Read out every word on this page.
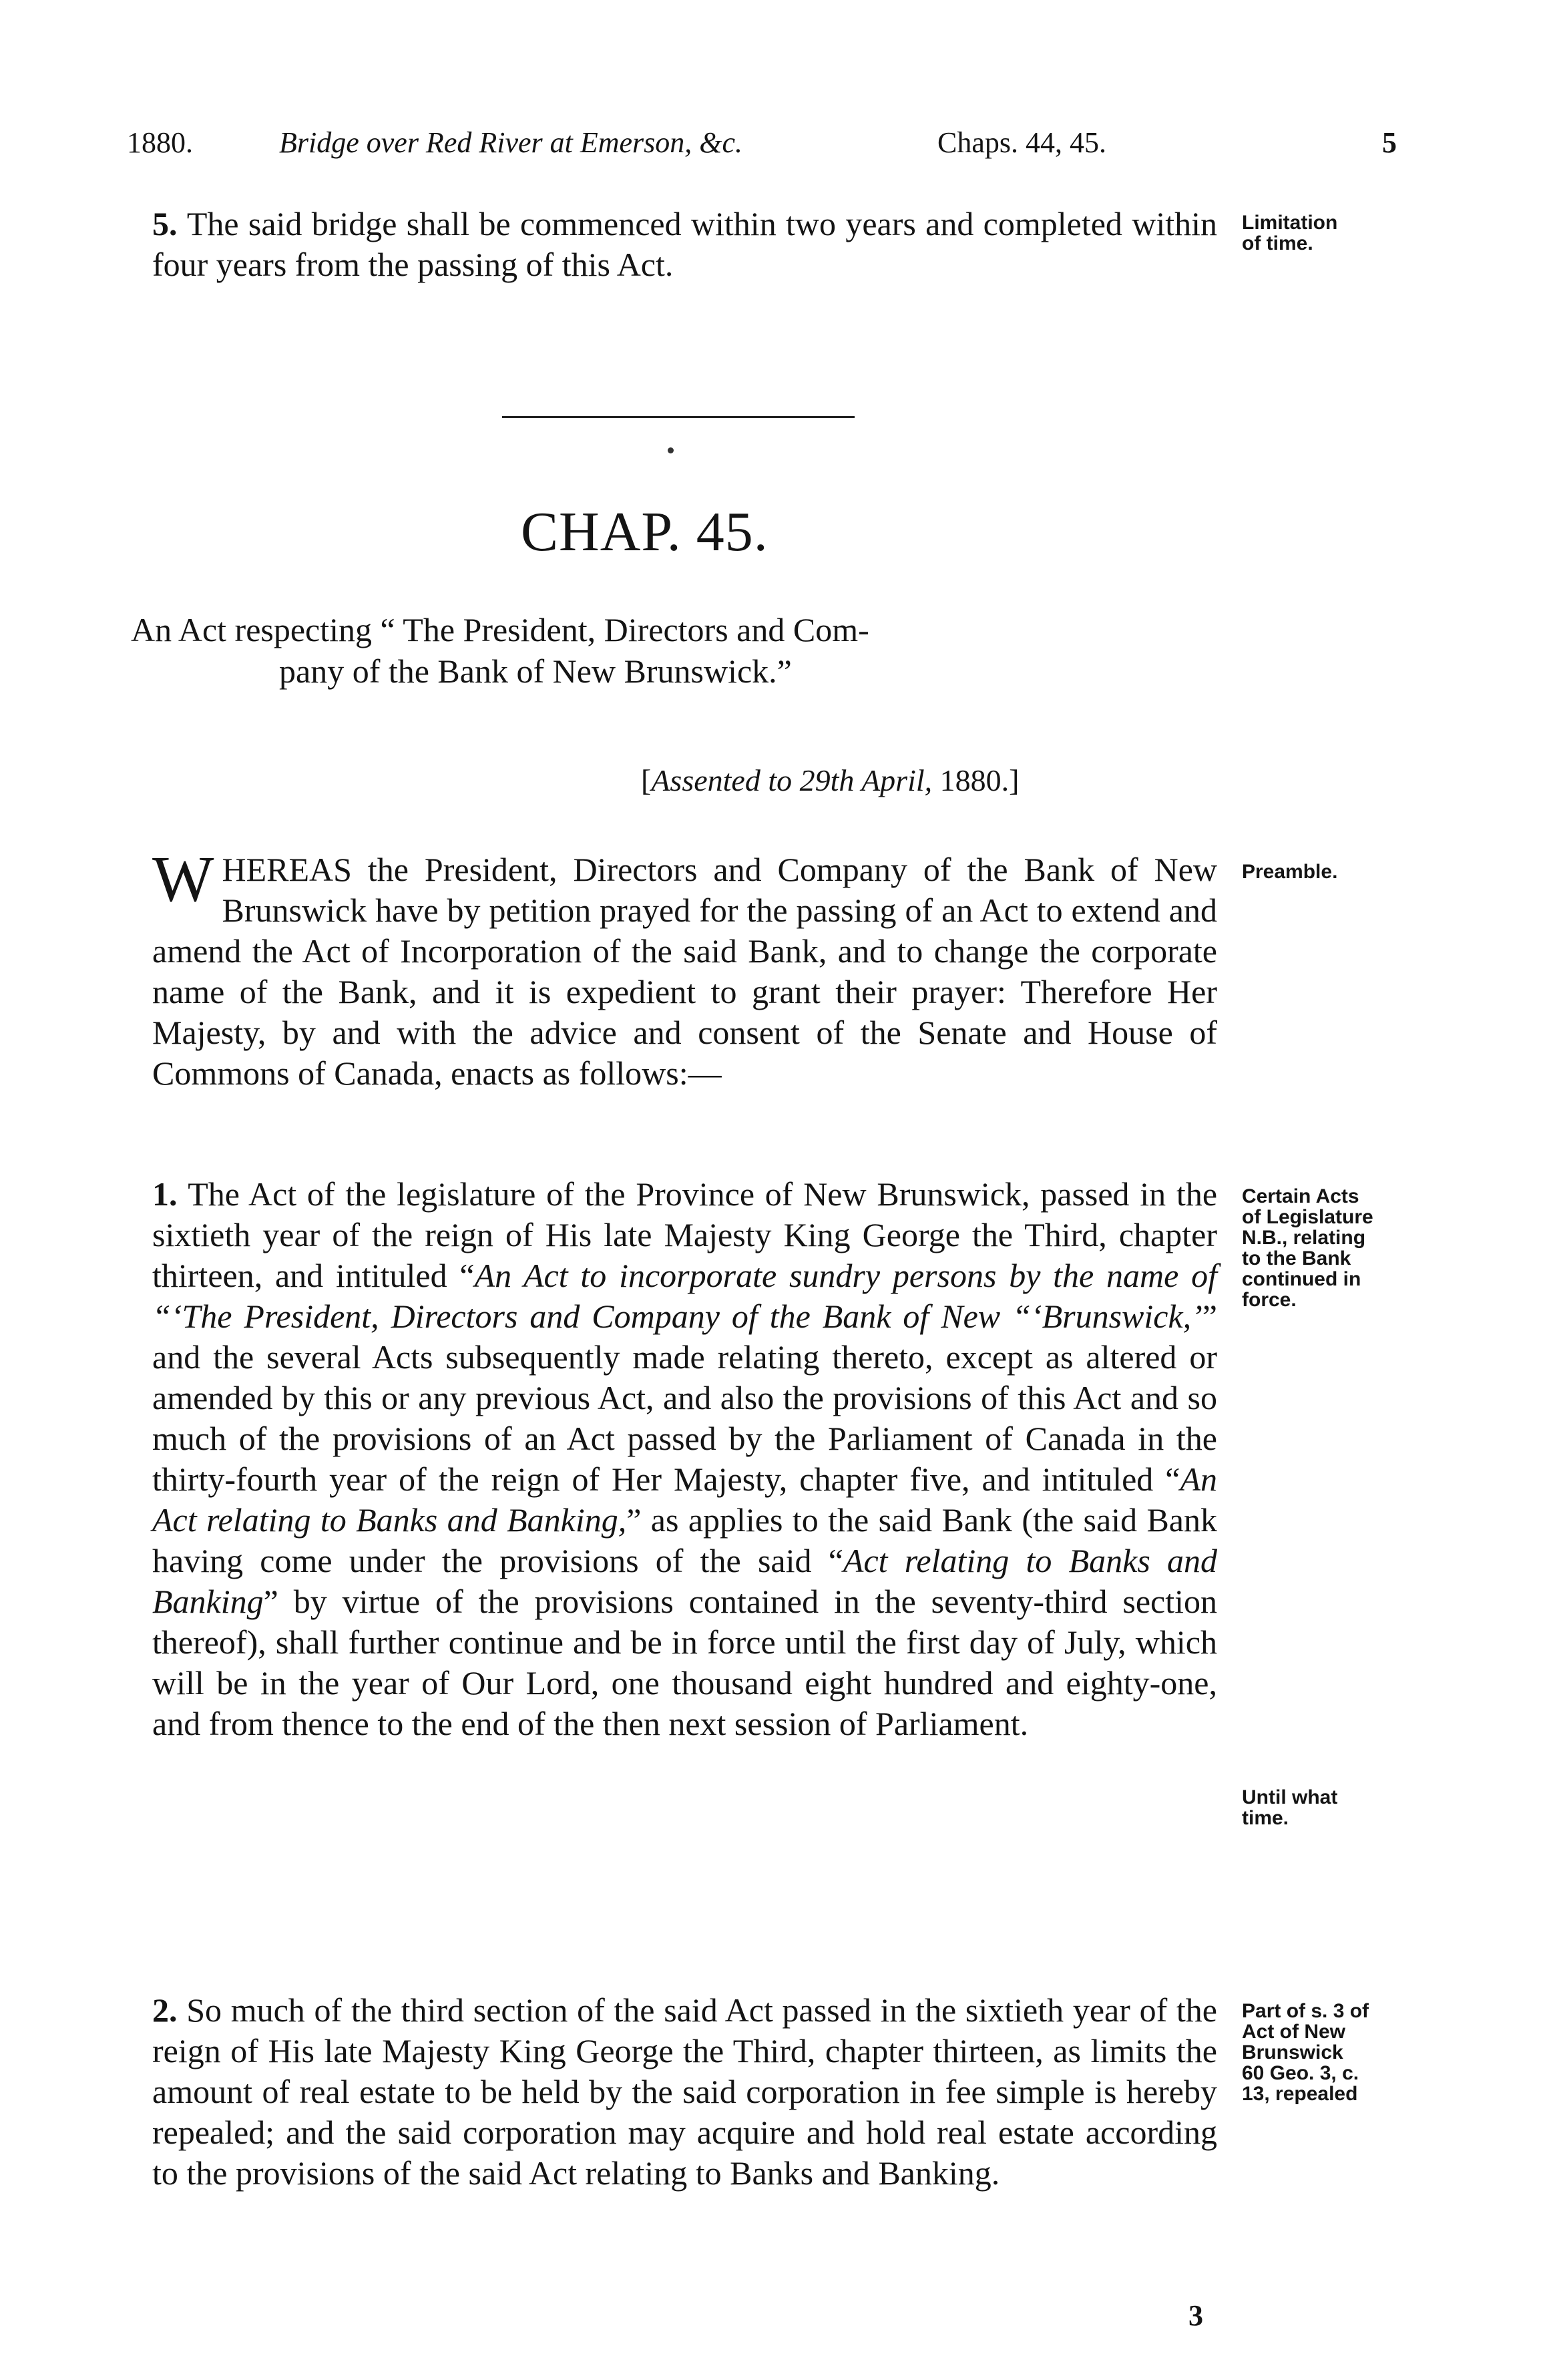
1880.	Bridge over Red River at Emerson, &c.	Chaps. 44, 45.	5

5. The said bridge shall be commenced within two years and completed within four years from the passing of this Act.

Limitation
of time.
CHAP. 45.
An Act respecting “ The President, Directors and Com-
pany of the Bank of New Brunswick.”
[Assented to 29th April, 1880.]

WHEREAS the President, Directors and Company of the Bank of New Brunswick have by petition prayed for the passing of an Act to extend and amend the Act of Incorporation of the said Bank, and to change the corporate name of the Bank, and it is expedient to grant their prayer: Therefore Her Majesty, by and with the advice and consent of the Senate and House of Commons of Canada, enacts as follows:—

Preamble.

1. The Act of the legislature of the Province of New Brunswick, passed in the sixtieth year of the reign of His late Majesty King George the Third, chapter thirteen, and intituled “An Act to incorporate sundry persons by the name of “‘The President, Directors and Company of the Bank of New “‘Brunswick,’” and the several Acts subsequently made relating thereto, except as altered or amended by this or any previous Act, and also the provisions of this Act and so much of the provisions of an Act passed by the Parliament of Canada in the thirty-fourth year of the reign of Her Majesty, chapter five, and intituled “An Act relating to Banks and Banking,” as applies to the said Bank (the said Bank having come under the provisions of the said “Act relating to Banks and Banking” by virtue of the provisions contained in the seventy-third section thereof), shall further continue and be in force until the first day of July, which will be in the year of Our Lord, one thousand eight hundred and eighty-one, and from thence to the end of the then next session of Parliament.

Certain Acts
of Legislature
N.B., relating
to the Bank
continued in
force.
Until what
time.

2. So much of the third section of the said Act passed in the sixtieth year of the reign of His late Majesty King George the Third, chapter thirteen, as limits the amount of real estate to be held by the said corporation in fee simple is hereby repealed; and the said corporation may acquire and hold real estate according to the provisions of the said Act relating to Banks and Banking.

Part of s. 3 of
Act of New
Brunswick
60 Geo. 3, c.
13, repealed
3
